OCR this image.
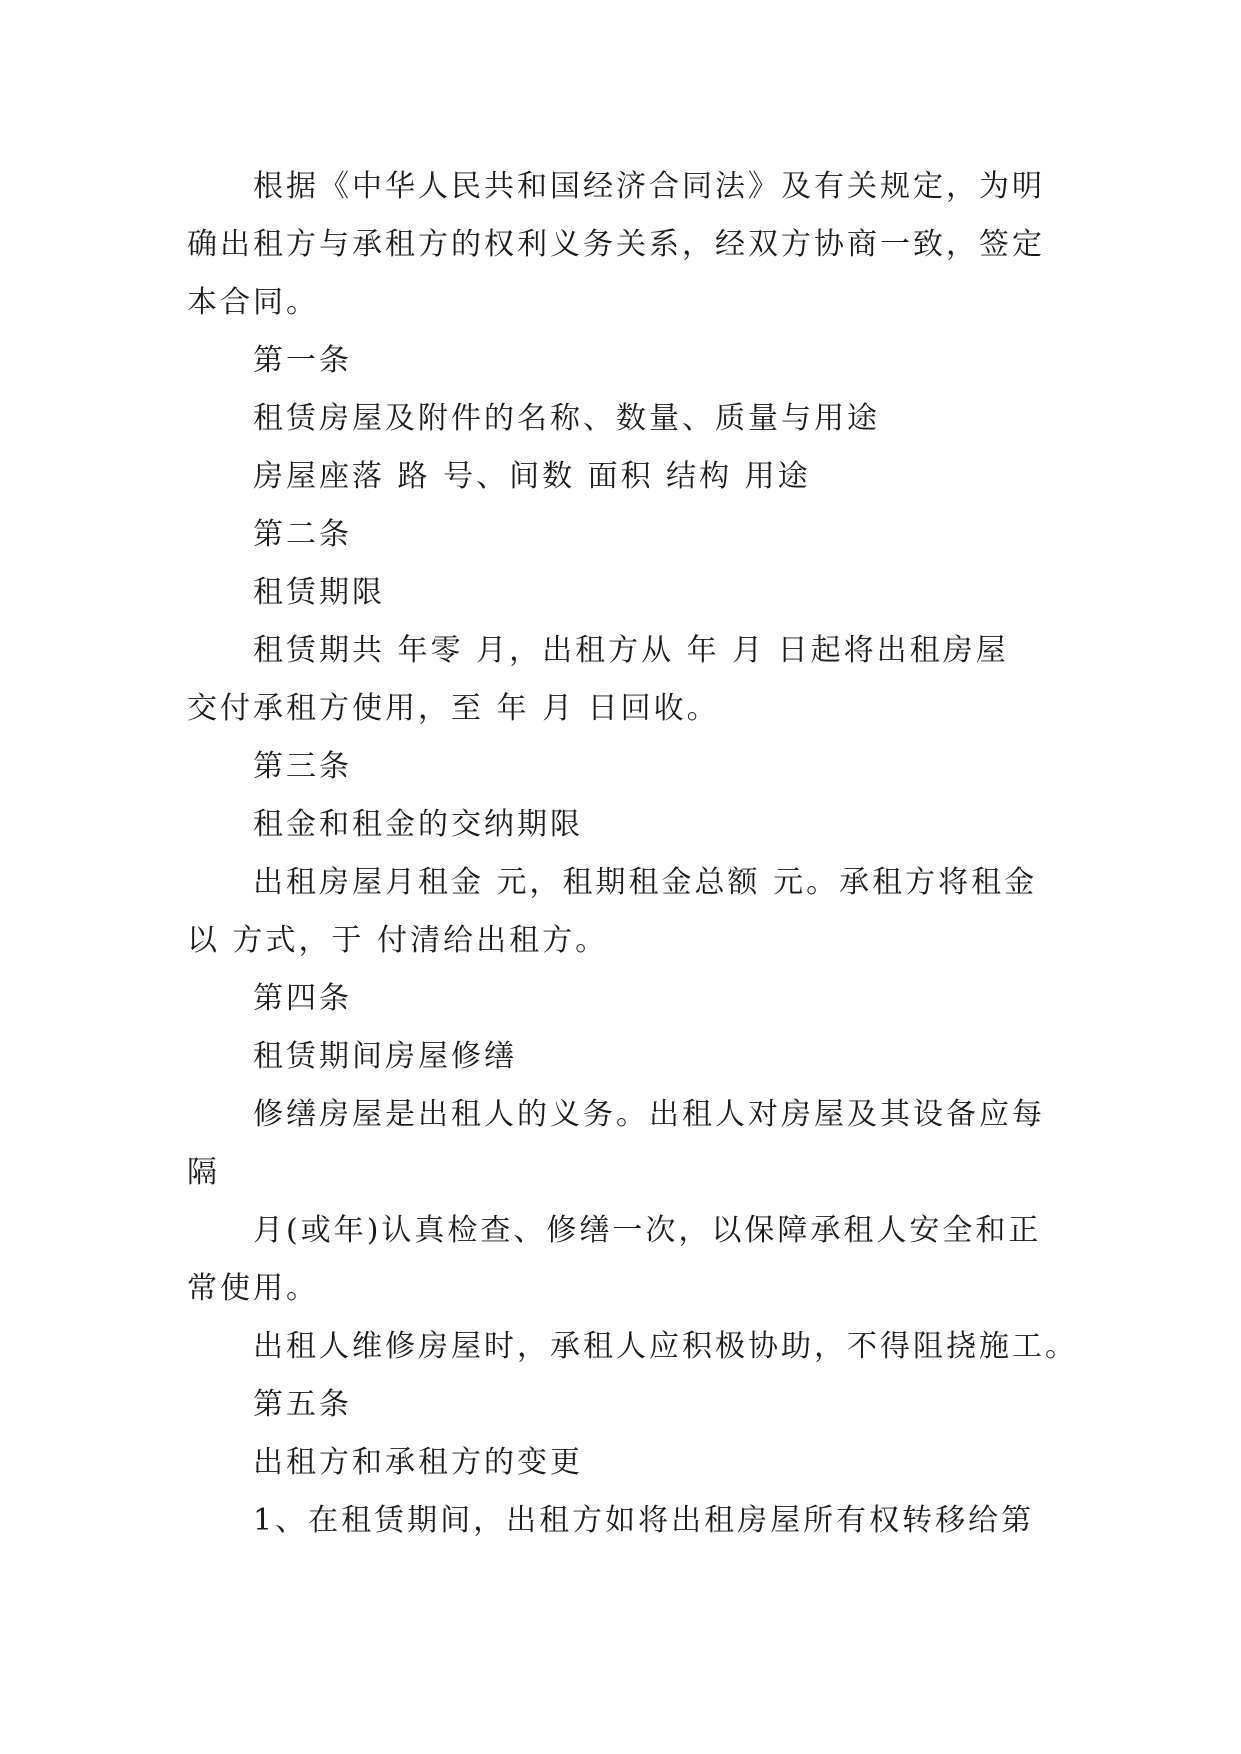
根据《中华人民共和国经济合同法》及有关规定，为明
确出租方与承租方的权利义务关系，经双方协商一致，签定
本合同。
第一条
租赁房屋及附件的名称、数量、质量与用途
房屋座落 路 号、间数 面积 结构 用途
第二条
租赁期限
租赁期共 年零 月，出租方从 年 月 日起将出租房屋
交付承租方使用，至 年 月 日回收。
第三条
租金和租金的交纳期限
出租房屋月租金 元，租期租金总额 元。承租方将租金
以 方式，于 付清给出租方。
第四条
租赁期间房屋修缮
修缮房屋是出租人的义务。出租人对房屋及其设备应每
隔
月(或年)认真检查、修缮一次，以保障承租人安全和正
常使用。
出租人维修房屋时，承租人应积极协助，不得阻挠施工。
第五条
出租方和承租方的变更
1、在租赁期间，出租方如将出租房屋所有权转移给第
